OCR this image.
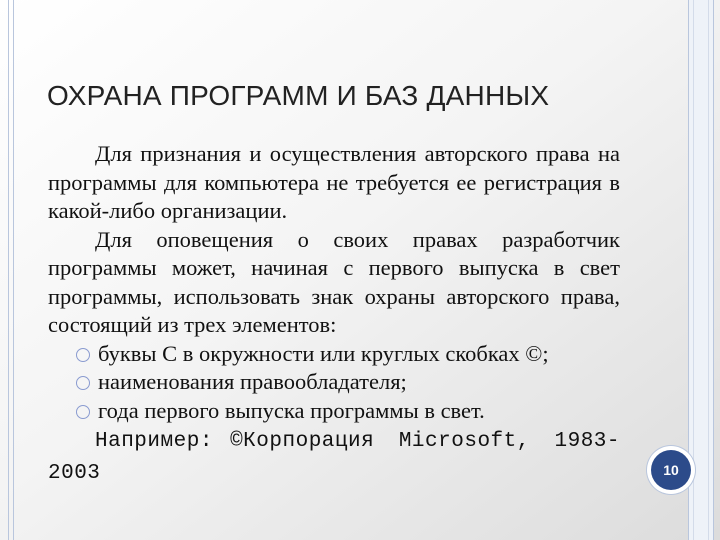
ОХРАНА ПРОГРАММ И БАЗ ДАННЫХ

Для признания и осуществления авторского права на программы для компьютера не требуется ее регистрация в какой-либо организации.

Для оповещения о своих правах разработчик программы может, начиная с первого выпуска в свет программы, использовать знак охраны авторского права, состоящий из трех элементов:

буквы С в окружности или круглых скобках ©;

наименования правообладателя;

года первого выпуска программы в свет.

Например: ©Корпорация Microsoft, 1983-2003	10
